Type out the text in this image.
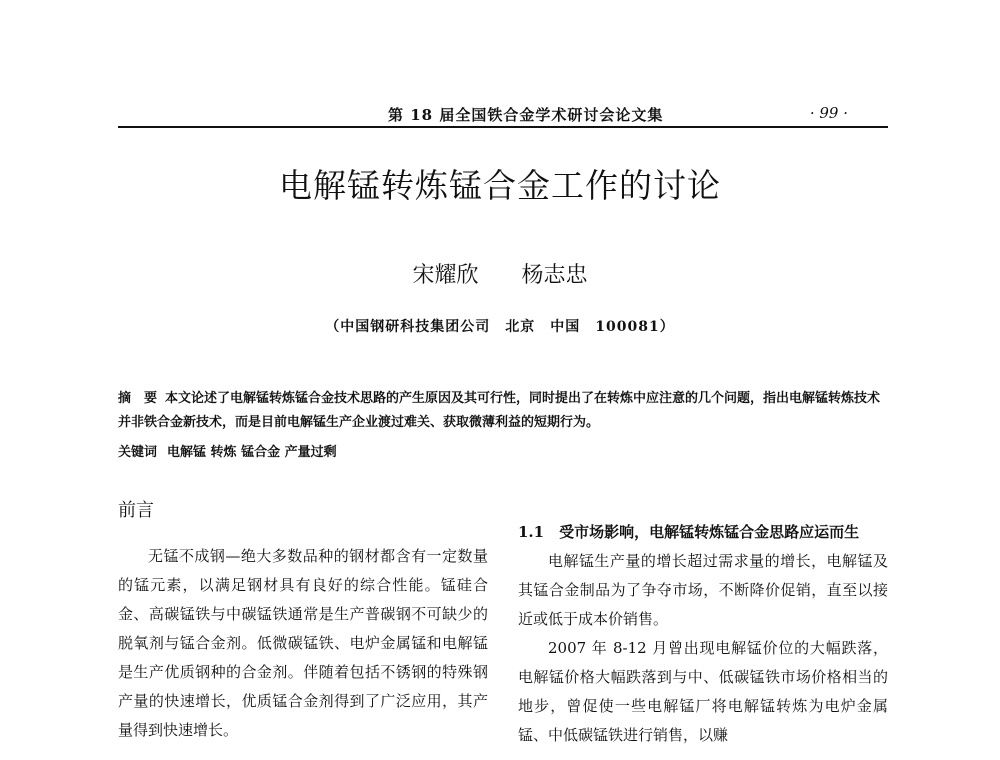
第 18 届全国铁合金学术研讨会论文集	· 99 ·
电解锰转炼锰合金工作的讨论
宋耀欣 杨志忠
（中国钢研科技集团公司　北京　中国　100081）
摘　要 本文论述了电解锰转炼锰合金技术思路的产生原因及其可行性，同时提出了在转炼中应注意的几个问题，指出电解锰转炼技术并非铁合金新技术，而是目前电解锰生产企业渡过难关、获取微薄利益的短期行为。
关键词 电解锰 转炼 锰合金 产量过剩
前言

无锰不成钢—绝大多数品种的钢材都含有一定数量的锰元素，以满足钢材具有良好的综合性能。锰硅合金、高碳锰铁与中碳锰铁通常是生产普碳钢不可缺少的脱氧剂与锰合金剂。低微碳锰铁、电炉金属锰和电解锰是生产优质钢种的合金剂。伴随着包括不锈钢的特殊钢产量的快速增长，优质锰合金剂得到了广泛应用，其产量得到快速增长。

1.1　受市场影响，电解锰转炼锰合金思路应运而生

电解锰生产量的增长超过需求量的增长，电解锰及其锰合金制品为了争夺市场，不断降价促销，直至以接近或低于成本价销售。

2007 年 8-12 月曾出现电解锰价位的大幅跌落，电解锰价格大幅跌落到与中、低碳锰铁市场价格相当的地步，曾促使一些电解锰厂将电解锰转炼为电炉金属锰、中低碳锰铁进行销售，以赚
